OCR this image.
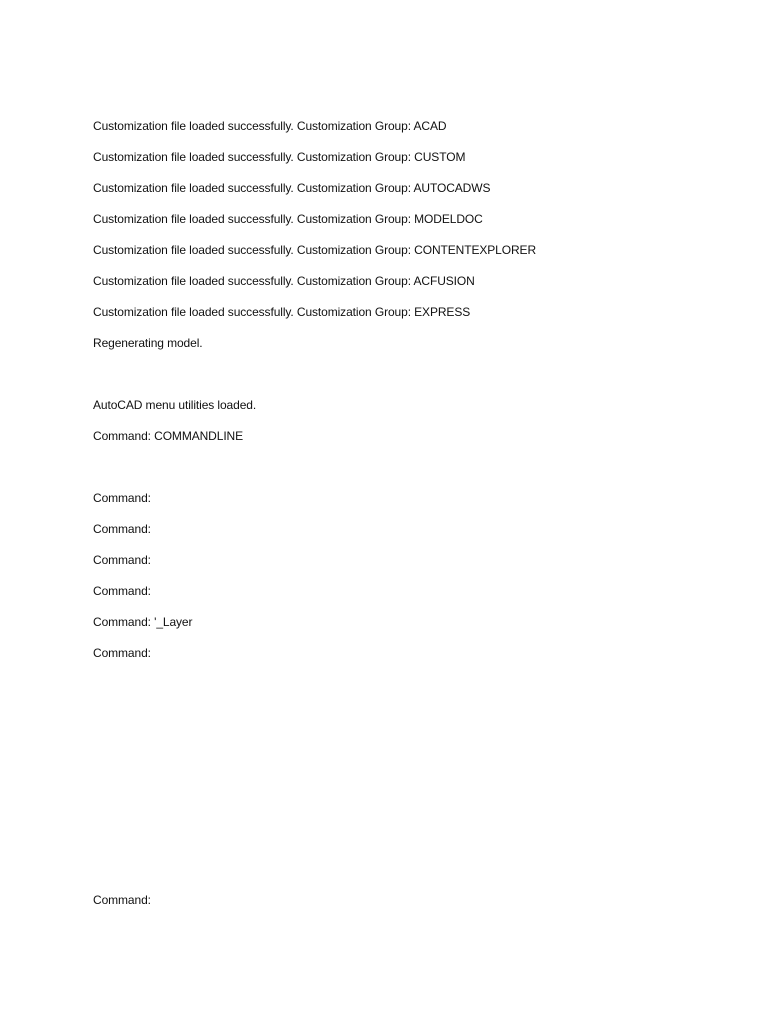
Customization file loaded successfully. Customization Group: ACAD
Customization file loaded successfully. Customization Group: CUSTOM
Customization file loaded successfully. Customization Group: AUTOCADWS
Customization file loaded successfully. Customization Group: MODELDOC
Customization file loaded successfully. Customization Group: CONTENTEXPLORER
Customization file loaded successfully. Customization Group: ACFUSION
Customization file loaded successfully. Customization Group: EXPRESS
Regenerating model.
AutoCAD menu utilities loaded.
Command: COMMANDLINE
Command:
Command:
Command:
Command:
Command: '_Layer
Command:
Command:
